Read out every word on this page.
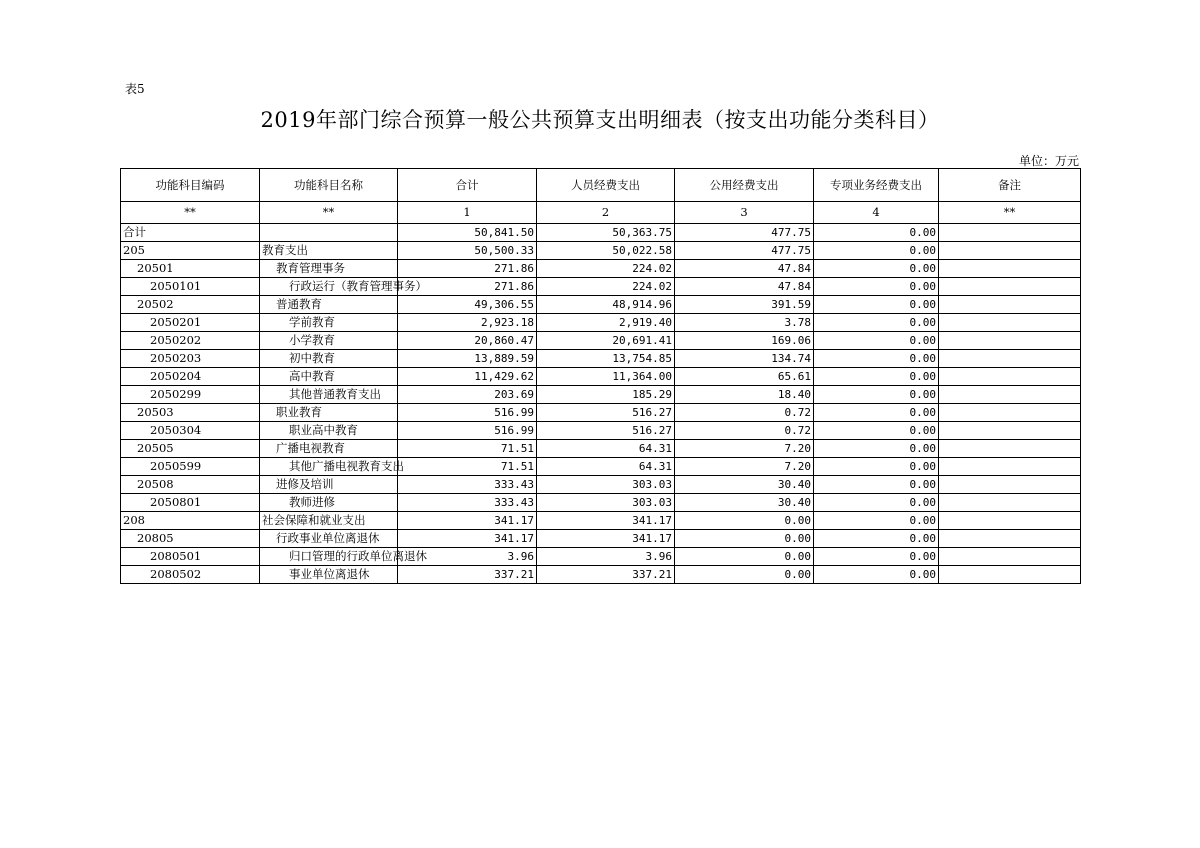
表5
2019年部门综合预算一般公共预算支出明细表（按支出功能分类科目）
单位：万元
功能科目编码	功能科目名称	合计	人员经费支出	公用经费支出	专项业务经费支出	备注
**	**	1	2	3	4	**
合计		50,841.50	50,363.75	477.75	0.00	
205	教育支出	50,500.33	50,022.58	477.75	0.00	
20501	教育管理事务	271.86	224.02	47.84	0.00	
2050101	行政运行（教育管理事务）	271.86	224.02	47.84	0.00	
20502	普通教育	49,306.55	48,914.96	391.59	0.00	
2050201	学前教育	2,923.18	2,919.40	3.78	0.00	
2050202	小学教育	20,860.47	20,691.41	169.06	0.00	
2050203	初中教育	13,889.59	13,754.85	134.74	0.00	
2050204	高中教育	11,429.62	11,364.00	65.61	0.00	
2050299	其他普通教育支出	203.69	185.29	18.40	0.00	
20503	职业教育	516.99	516.27	0.72	0.00	
2050304	职业高中教育	516.99	516.27	0.72	0.00	
20505	广播电视教育	71.51	64.31	7.20	0.00	
2050599	其他广播电视教育支出	71.51	64.31	7.20	0.00	
20508	进修及培训	333.43	303.03	30.40	0.00	
2050801	教师进修	333.43	303.03	30.40	0.00	
208	社会保障和就业支出	341.17	341.17	0.00	0.00	
20805	行政事业单位离退休	341.17	341.17	0.00	0.00	
2080501	归口管理的行政单位离退休	3.96	3.96	0.00	0.00	
2080502	事业单位离退休	337.21	337.21	0.00	0.00	
